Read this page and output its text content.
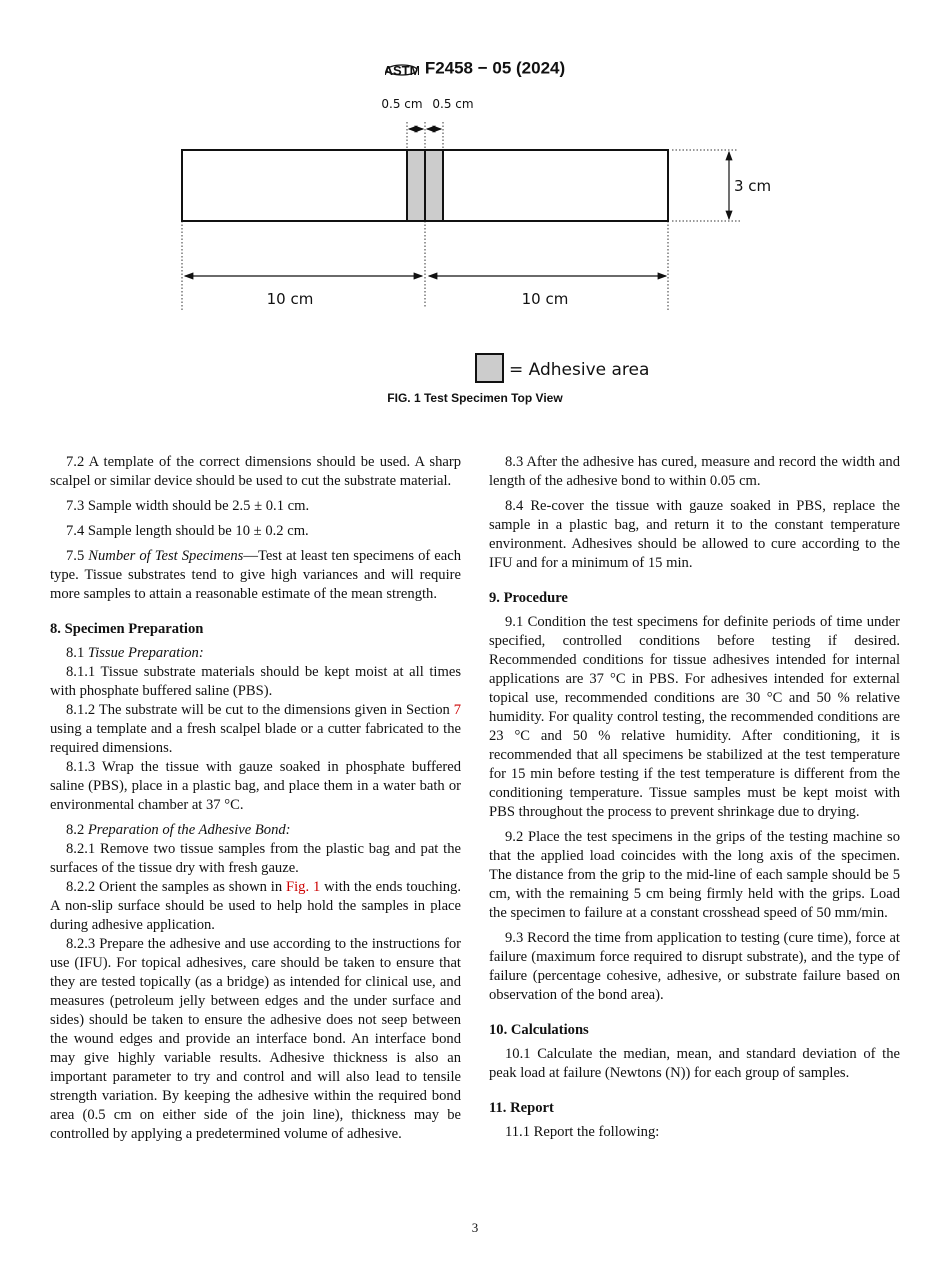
ASTM F2458 − 05 (2024)
0.5 cm 0.5 cm
3 cm
10 cm	10 cm
= Adhesive area
FIG. 1 Test Specimen Top View

7.2 A template of the correct dimensions should be used. A sharp scalpel or similar device should be used to cut the substrate material.

7.3 Sample width should be 2.5 ± 0.1 cm.

7.4 Sample length should be 10 ± 0.2 cm.

7.5 Number of Test Specimens—Test at least ten specimens of each type. Tissue substrates tend to give high variances and will require more samples to attain a reasonable estimate of the mean strength.

8. Specimen Preparation

8.1 Tissue Preparation:

8.1.1 Tissue substrate materials should be kept moist at all times with phosphate buffered saline (PBS).

8.1.2 The substrate will be cut to the dimensions given in Section 7 using a template and a fresh scalpel blade or a cutter fabricated to the required dimensions.

8.1.3 Wrap the tissue with gauze soaked in phosphate buffered saline (PBS), place in a plastic bag, and place them in a water bath or environmental chamber at 37 °C.

8.2 Preparation of the Adhesive Bond:

8.2.1 Remove two tissue samples from the plastic bag and pat the surfaces of the tissue dry with fresh gauze.

8.2.2 Orient the samples as shown in Fig. 1 with the ends touching. A non-slip surface should be used to help hold the samples in place during adhesive application.

8.2.3 Prepare the adhesive and use according to the instructions for use (IFU). For topical adhesives, care should be taken to ensure that they are tested topically (as a bridge) as intended for clinical use, and measures (petroleum jelly between edges and the under surface and sides) should be taken to ensure the adhesive does not seep between the wound edges and provide an interface bond. An interface bond may give highly variable results. Adhesive thickness is also an important parameter to try and control and will also lead to tensile strength variation. By keeping the adhesive within the required bond area (0.5 cm on either side of the join line), thickness may be controlled by applying a predetermined volume of adhesive.

8.3 After the adhesive has cured, measure and record the width and length of the adhesive bond to within 0.05 cm.

8.4 Re-cover the tissue with gauze soaked in PBS, replace the sample in a plastic bag, and return it to the constant temperature environment. Adhesives should be allowed to cure according to the IFU and for a minimum of 15 min.

9. Procedure

9.1 Condition the test specimens for definite periods of time under specified, controlled conditions before testing if desired. Recommended conditions for tissue adhesives intended for internal applications are 37 °C in PBS. For adhesives intended for external topical use, recommended conditions are 30 °C and 50 % relative humidity. For quality control testing, the recommended conditions are 23 °C and 50 % relative humidity. After conditioning, it is recommended that all specimens be stabilized at the test temperature for 15 min before testing if the test temperature is different from the conditioning temperature. Tissue samples must be kept moist with PBS throughout the process to prevent shrinkage due to drying.

9.2 Place the test specimens in the grips of the testing machine so that the applied load coincides with the long axis of the specimen. The distance from the grip to the mid-line of each sample should be 5 cm, with the remaining 5 cm being firmly held with the grips. Load the specimen to failure at a constant crosshead speed of 50 mm/min.

9.3 Record the time from application to testing (cure time), force at failure (maximum force required to disrupt substrate), and the type of failure (percentage cohesive, adhesive, or substrate failure based on observation of the bond area).

10. Calculations

10.1 Calculate the median, mean, and standard deviation of the peak load at failure (Newtons (N)) for each group of samples.

11. Report

11.1 Report the following:

3
